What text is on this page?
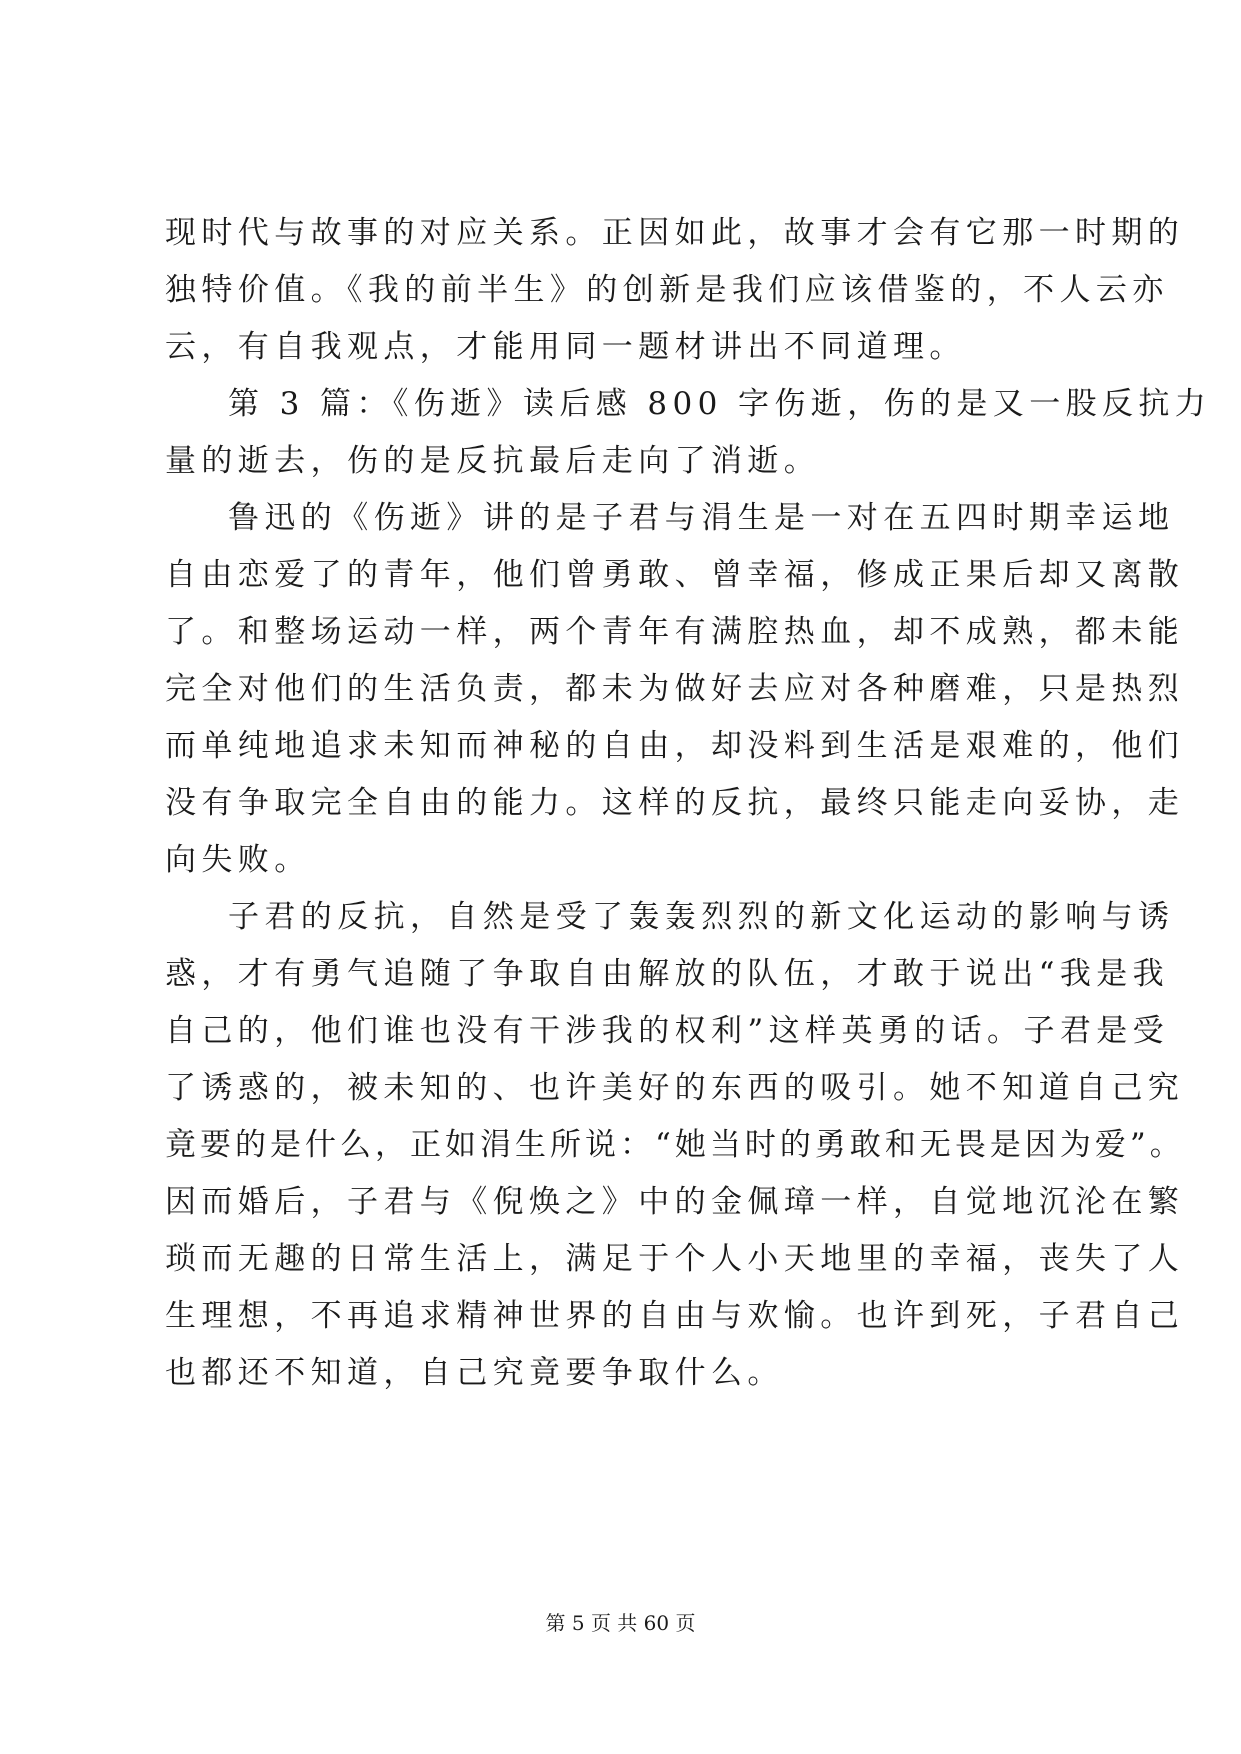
现时代与故事的对应关系。正因如此，故事才会有它那一时期的
独特价值。《我的前半生》的创新是我们应该借鉴的，不人云亦
云，有自我观点，才能用同一题材讲出不同道理。
第 3 篇：《伤逝》读后感 800 字伤逝，伤的是又一股反抗力
量的逝去，伤的是反抗最后走向了消逝。
鲁迅的《伤逝》讲的是子君与涓生是一对在五四时期幸运地
自由恋爱了的青年，他们曾勇敢、曾幸福，修成正果后却又离散
了。和整场运动一样，两个青年有满腔热血，却不成熟，都未能
完全对他们的生活负责，都未为做好去应对各种磨难，只是热烈
而单纯地追求未知而神秘的自由，却没料到生活是艰难的，他们
没有争取完全自由的能力。这样的反抗，最终只能走向妥协，走
向失败。
子君的反抗，自然是受了轰轰烈烈的新文化运动的影响与诱
惑，才有勇气追随了争取自由解放的队伍，才敢于说出“我是我
自己的，他们谁也没有干涉我的权利”这样英勇的话。子君是受
了诱惑的，被未知的、也许美好的东西的吸引。她不知道自己究
竟要的是什么，正如涓生所说：“她当时的勇敢和无畏是因为爱”。
因而婚后，子君与《倪焕之》中的金佩璋一样，自觉地沉沦在繁
琐而无趣的日常生活上，满足于个人小天地里的幸福，丧失了人
生理想，不再追求精神世界的自由与欢愉。也许到死，子君自己
也都还不知道，自己究竟要争取什么。
第 5 页 共 60 页
